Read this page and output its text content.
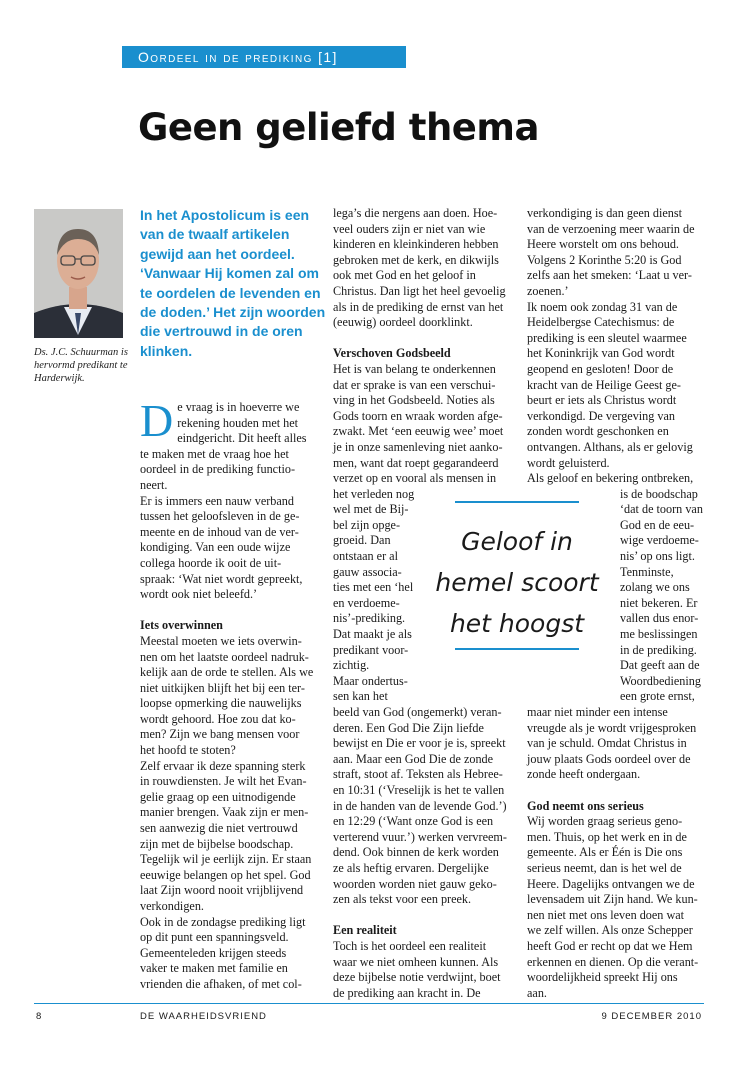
Oordeel in de prediking [1]
Geen geliefd thema
Ds. J.C. Schuurman is
hervormd predikant te
Harderwijk.

In het Apostolicum is een

van de twaalf artikelen

gewijd aan het oordeel.

‘Vanwaar Hij komen zal om

te oordelen de levenden en

de doden.’ Het zijn woorden

die vertrouwd in de oren

klinken.

D e vraag is in hoeverre we

rekening houden met het

eindgericht. Dit heeft alles

te maken met de vraag hoe het

oordeel in de prediking functio-

neert.

Er is immers een nauw verband

tussen het geloofsleven in de ge-

meente en de inhoud van de ver-

kondiging. Van een oude wijze

collega hoorde ik ooit de uit-

spraak: ‘Wat niet wordt gepreekt,

wordt ook niet beleefd.’

Iets overwinnen

Meestal moeten we iets overwin-

nen om het laatste oordeel nadruk-

kelijk aan de orde te stellen. Als we

niet uitkijken blijft het bij een ter-

loopse opmerking die nauwelijks

wordt gehoord. Hoe zou dat ko-

men? Zijn we bang mensen voor

het hoofd te stoten?

Zelf ervaar ik deze spanning sterk

in rouwdiensten. Je wilt het Evan-

gelie graag op een uitnodigende

manier brengen. Vaak zijn er men-

sen aanwezig die niet vertrouwd

zijn met de bijbelse boodschap.

Tegelijk wil je eerlijk zijn. Er staan

eeuwige belangen op het spel. God

laat Zijn woord nooit vrijblijvend

verkondigen.

Ook in de zondagse prediking ligt

op dit punt een spanningsveld.

Gemeenteleden krijgen steeds

vaker te maken met familie en

vrienden die afhaken, of met col-

lega’s die nergens aan doen. Hoe-

veel ouders zijn er niet van wie

kinderen en kleinkinderen hebben

gebroken met de kerk, en dikwijls

ook met God en het geloof in

Christus. Dan ligt het heel gevoelig

als in de prediking de ernst van het

(eeuwig) oordeel doorklinkt.

Verschoven Godsbeeld

Het is van belang te onderkennen

dat er sprake is van een verschui-

ving in het Godsbeeld. Noties als

Gods toorn en wraak worden afge-

zwakt. Met ‘een eeuwig wee’ moet

je in onze samenleving niet aanko-

men, want dat roept gegarandeerd

verzet op en vooral als mensen in

het verleden nog

wel met de Bij-

bel zijn opge-

groeid. Dan

ontstaan er al

gauw associa-

ties met een ‘hel

en verdoeme-

nis’-prediking.

Dat maakt je als

predikant voor-

zichtig.

Maar ondertus-

sen kan het

beeld van God (ongemerkt) veran-

deren. Een God Die Zijn liefde

bewijst en Die er voor je is, spreekt

aan. Maar een God Die de zonde

straft, stoot af. Teksten als Hebree-

en 10:31 (‘Vreselijk is het te vallen

in de handen van de levende God.’)

en 12:29 (‘Want onze God is een

verterend vuur.’) werken vervreem-

dend. Ook binnen de kerk worden

ze als heftig ervaren. Dergelijke

woorden worden niet gauw geko-

zen als tekst voor een preek.

Een realiteit

Toch is het oordeel een realiteit

waar we niet omheen kunnen. Als

deze bijbelse notie verdwijnt, boet

de prediking aan kracht in. De

verkondiging is dan geen dienst

van de verzoening meer waarin de

Heere worstelt om ons behoud.

Volgens 2 Korinthe 5:20 is God

zelfs aan het smeken: ‘Laat u ver-

zoenen.’

Ik noem ook zondag 31 van de

Heidelbergse Catechismus: de

prediking is een sleutel waarmee

het Koninkrijk van God wordt

geopend en gesloten! Door de

kracht van de Heilige Geest ge-

beurt er iets als Christus wordt

verkondigd. De vergeving van

zonden wordt geschonken en

ontvangen. Althans, als er gelovig

wordt geluisterd.

Als geloof en bekering ontbreken,

is de boodschap

‘dat de toorn van

God en de eeu-

wige verdoeme-

nis’ op ons ligt.

Tenminste,

zolang we ons

niet bekeren. Er

vallen dus enor-

me beslissingen

in de prediking.

Dat geeft aan de

Woordbediening

een grote ernst,

maar niet minder een intense

vreugde als je wordt vrijgesproken

van je schuld. Omdat Christus in

jouw plaats Gods oordeel over de

zonde heeft ondergaan.

God neemt ons serieus

Wij worden graag serieus geno-

men. Thuis, op het werk en in de

gemeente. Als er Één is Die ons

serieus neemt, dan is het wel de

Heere. Dagelijks ontvangen we de

levensadem uit Zijn hand. We kun-

nen niet met ons leven doen wat

we zelf willen. Als onze Schepper

heeft God er recht op dat we Hem

erkennen en dienen. Op die verant-

woordelijkheid spreekt Hij ons

aan.

Geloof in
hemel scoort
het hoogst
8	DE WAARHEIDSVRIEND	9 DECEMBER 2010
